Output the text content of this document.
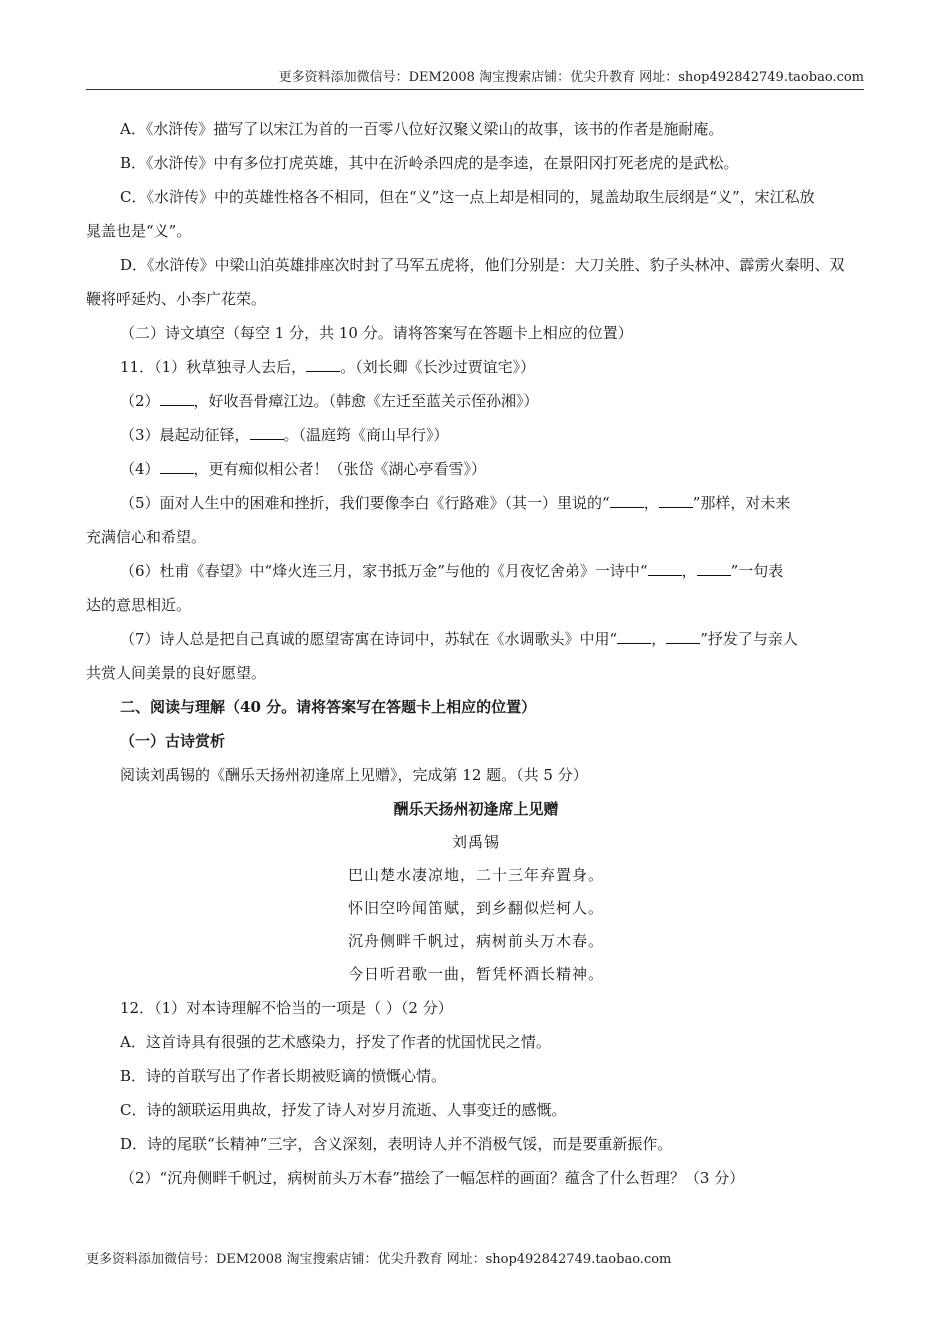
更多资料添加微信号：DEM2008 淘宝搜索店铺：优尖升教育 网址：shop492842749.taobao.com

A．《水浒传》描写了以宋江为首的一百零八位好汉聚义梁山的故事，该书的作者是施耐庵。

B．《水浒传》中有多位打虎英雄，其中在沂岭杀四虎的是李逵，在景阳冈打死老虎的是武松。

C．《水浒传》中的英雄性格各不相同，但在“义”这一点上却是相同的，晁盖劫取生辰纲是“义”，宋江私放

晁盖也是“义”。

D．《水浒传》中梁山泊英雄排座次时封了马军五虎将，他们分别是：大刀关胜、豹子头林冲、霹雳火秦明、双

鞭将呼延灼、小李广花荣。

（二）诗文填空（每空 1 分，共 10 分。请将答案写在答题卡上相应的位置）

11．（1）秋草独寻人去后， 。（刘长卿《长沙过贾谊宅》）

（2） ，好收吾骨瘴江边。（韩愈《左迁至蓝关示侄孙湘》）

（3）晨起动征铎， 。（温庭筠《商山早行》）

（4） ，更有痴似相公者！（张岱《湖心亭看雪》）

（5）面对人生中的困难和挫折，我们要像李白《行路难》（其一）里说的“ ， ”那样，对未来

充满信心和希望。

（6）杜甫《春望》中“烽火连三月，家书抵万金”与他的《月夜忆舍弟》一诗中“ ， ”一句表

达的意思相近。

（7）诗人总是把自己真诚的愿望寄寓在诗词中，苏轼在《水调歌头》中用“ ， ”抒发了与亲人

共赏人间美景的良好愿望。

二、阅读与理解（40 分。请将答案写在答题卡上相应的位置）

（一）古诗赏析

阅读刘禹锡的《酬乐天扬州初逢席上见赠》，完成第 12 题。（共 5 分）

酬乐天扬州初逢席上见赠

刘禹锡

巴山楚水凄凉地，二十三年弃置身。

怀旧空吟闻笛赋，到乡翻似烂柯人。

沉舟侧畔千帆过，病树前头万木春。

今日听君歌一曲，暂凭杯酒长精神。

12．（1）对本诗理解不恰当的一项是（ ）（2 分）

A．这首诗具有很强的艺术感染力，抒发了作者的忧国忧民之情。

B．诗的首联写出了作者长期被贬谪的愤慨心情。

C．诗的颔联运用典故，抒发了诗人对岁月流逝、人事变迁的感慨。

D．诗的尾联“长精神”三字，含义深刻，表明诗人并不消极气馁，而是要重新振作。

（2）“沉舟侧畔千帆过，病树前头万木春”描绘了一幅怎样的画面？蕴含了什么哲理？（3 分）

更多资料添加微信号：DEM2008 淘宝搜索店铺：优尖升教育 网址：shop492842749.taobao.com
